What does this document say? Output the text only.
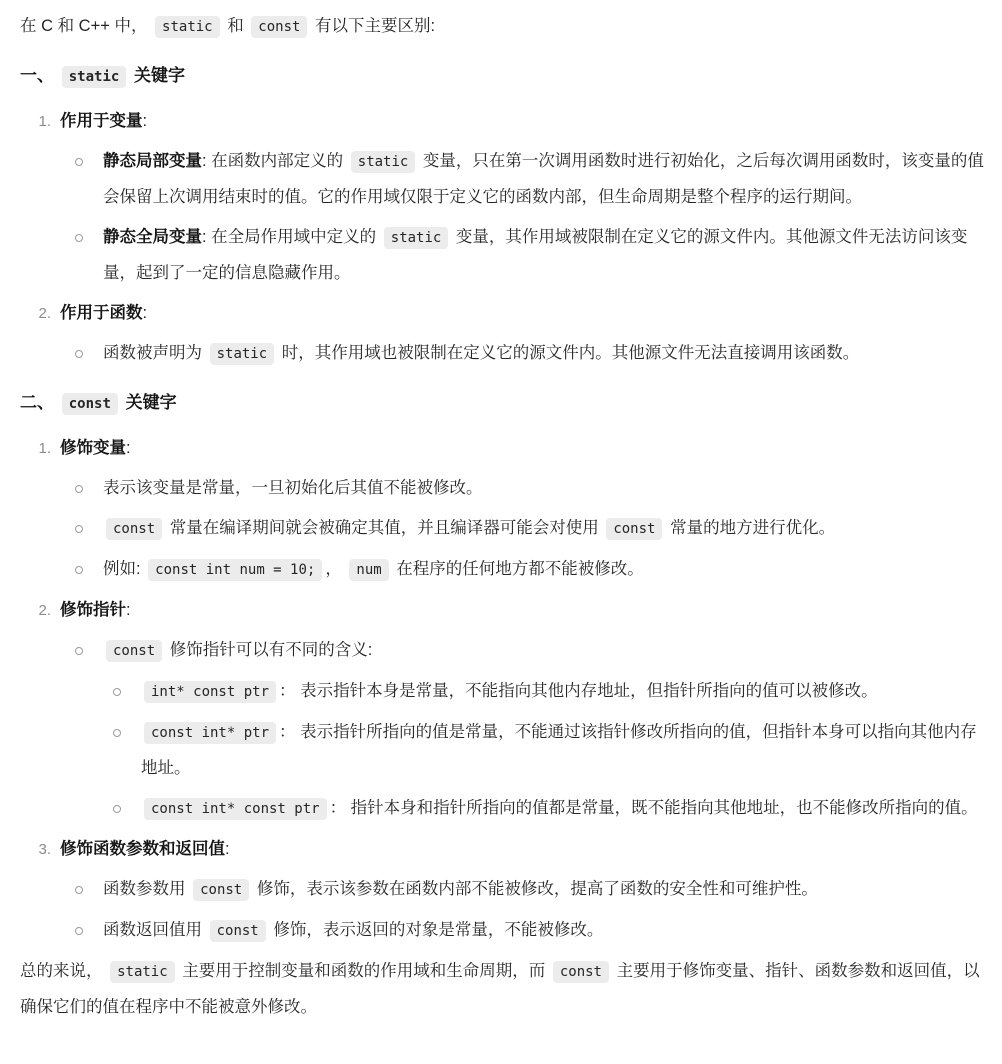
在 C 和 C++ 中， static 和 const 有以下主要区别:

一、 static 关键字
1. 作用于变量:
静态局部变量: 在函数内部定义的 static 变量，只在第一次调用函数时进行初始化，之后每次调用函数时，该变量的值会保留上次调用结束时的值。它的作用域仅限于定义它的函数内部，但生命周期是整个程序的运行期间。
静态全局变量: 在全局作用域中定义的 static 变量，其作用域被限制在定义它的源文件内。其他源文件无法访问该变量，起到了一定的信息隐藏作用。
2. 作用于函数:
函数被声明为 static 时，其作用域也被限制在定义它的源文件内。其他源文件无法直接调用该函数。
二、 const 关键字
1. 修饰变量:
表示该变量是常量，一旦初始化后其值不能被修改。
const 常量在编译期间就会被确定其值，并且编译器可能会对使用 const 常量的地方进行优化。
例如: const int num = 10; ， num 在程序的任何地方都不能被修改。
2. 修饰指针:
const 修饰指针可以有不同的含义:
int* const ptr ： 表示指针本身是常量，不能指向其他内存地址，但指针所指向的值可以被修改。
const int* ptr ： 表示指针所指向的值是常量，不能通过该指针修改所指向的值，但指针本身可以指向其他内存地址。
const int* const ptr ： 指针本身和指针所指向的值都是常量，既不能指向其他地址，也不能修改所指向的值。
3. 修饰函数参数和返回值:
函数参数用 const 修饰，表示该参数在函数内部不能被修改，提高了函数的安全性和可维护性。
函数返回值用 const 修饰，表示返回的对象是常量，不能被修改。

总的来说， static 主要用于控制变量和函数的作用域和生命周期，而 const 主要用于修饰变量、指针、函数参数和返回值，以确保它们的值在程序中不能被意外修改。
